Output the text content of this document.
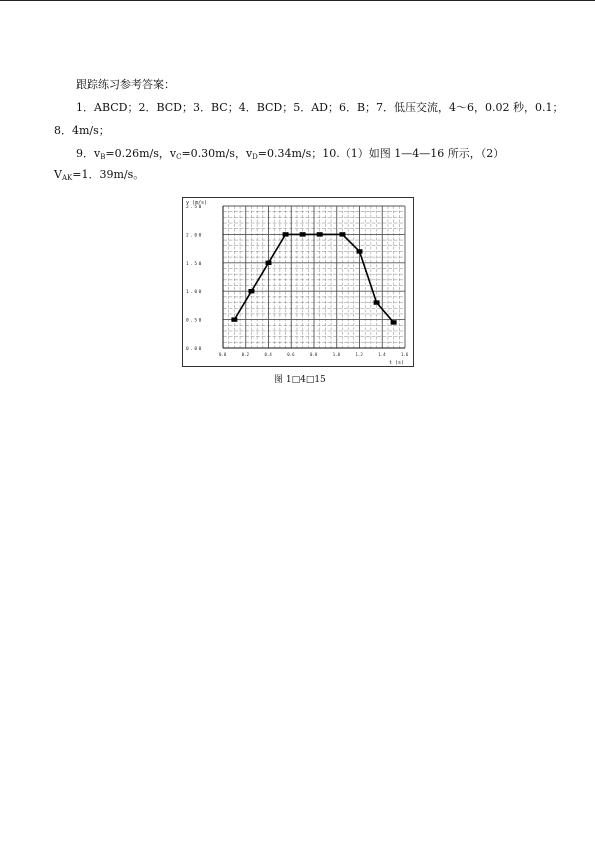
跟踪练习参考答案：
1．ABCD；2．BCD；3．BC；4．BCD；5．AD；6．B；7．低压交流，4～6，0.02 秒，0.1；
8．4m/s；
9．$v_B=0.26m/s$，$v_C=0.30m/s$，$v_D=0.34m/s$；10.（1）如图 1—4—16 所示，（2）
$V_{AK}=1$．39m/s。
0.00
0.50
1.00
1.50
2.00
2.50
0.0	0.2	0.4	0.6	0.8	1.0	1.2	1.4	1.6
v (m/s)
t (s)
图 1□4□15
